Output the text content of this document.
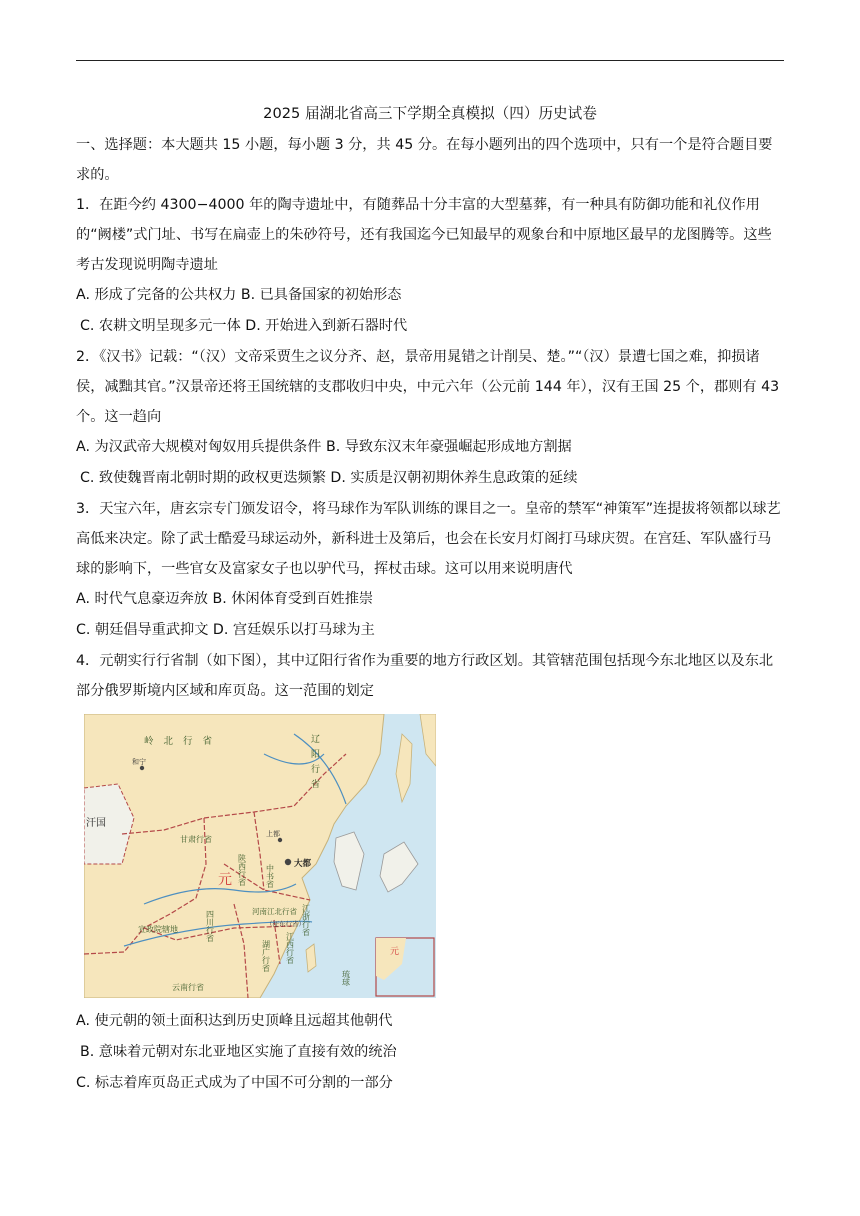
2025 届湖北省高三下学期全真模拟（四）历史试卷

一、选择题：本大题共 15 小题，每小题 3 分，共 45 分。在每小题列出的四个选项中，只有一个是符合题目要求的。

1．在距今约 4300−4000 年的陶寺遗址中，有随葬品十分丰富的大型墓葬，有一种具有防御功能和礼仪作用的“阙楼”式门址、书写在扁壶上的朱砂符号，还有我国迄今已知最早的观象台和中原地区最早的龙图腾等。这些考古发现说明陶寺遗址

A. 形成了完备的公共权力 B. 已具备国家的初始形态

C. 农耕文明呈现多元一体 D. 开始进入到新石器时代

2．《汉书》记载：“（汉）文帝采贾生之议分齐、赵，景帝用晁错之计削吴、楚。”“（汉）景遭七国之难，抑损诸侯，减黜其官。”汉景帝还将王国统辖的支郡收归中央，中元六年（公元前 144 年），汉有王国 25 个，郡则有 43 个。这一趋向

A. 为汉武帝大规模对匈奴用兵提供条件 B. 导致东汉末年豪强崛起形成地方割据

C. 致使魏晋南北朝时期的政权更迭频繁 D. 实质是汉朝初期休养生息政策的延续

3．天宝六年，唐玄宗专门颁发诏令，将马球作为军队训练的课目之一。皇帝的禁军“神策军”连提拔将领都以球艺高低来决定。除了武士酷爱马球运动外，新科进士及第后，也会在长安月灯阁打马球庆贺。在宫廷、军队盛行马球的影响下，一些官女及富家女子也以驴代马，挥杖击球。这可以用来说明唐代

A. 时代气息豪迈奔放 B. 休闲体育受到百姓推崇

C. 朝廷倡导重武抑文 D. 宫廷娱乐以打马球为主

4．元朝实行行省制（如下图），其中辽阳行省作为重要的地方行政区划。其管辖范围包括现今东北地区以及东北部分俄罗斯境内区域和库页岛。这一范围的划定

岭北行省	辽阳行省
和宁
上都
大都
元
汗国
中书省
甘肃行省
陕西行省
河南江北行省
宣政院辖地	四川行省
湖广行省 江西行省
江浙行省
（征东行省）
云南行省
琉球
元

A. 使元朝的领土面积达到历史顶峰且远超其他朝代

B. 意味着元朝对东北亚地区实施了直接有效的统治

C. 标志着库页岛正式成为了中国不可分割的一部分
